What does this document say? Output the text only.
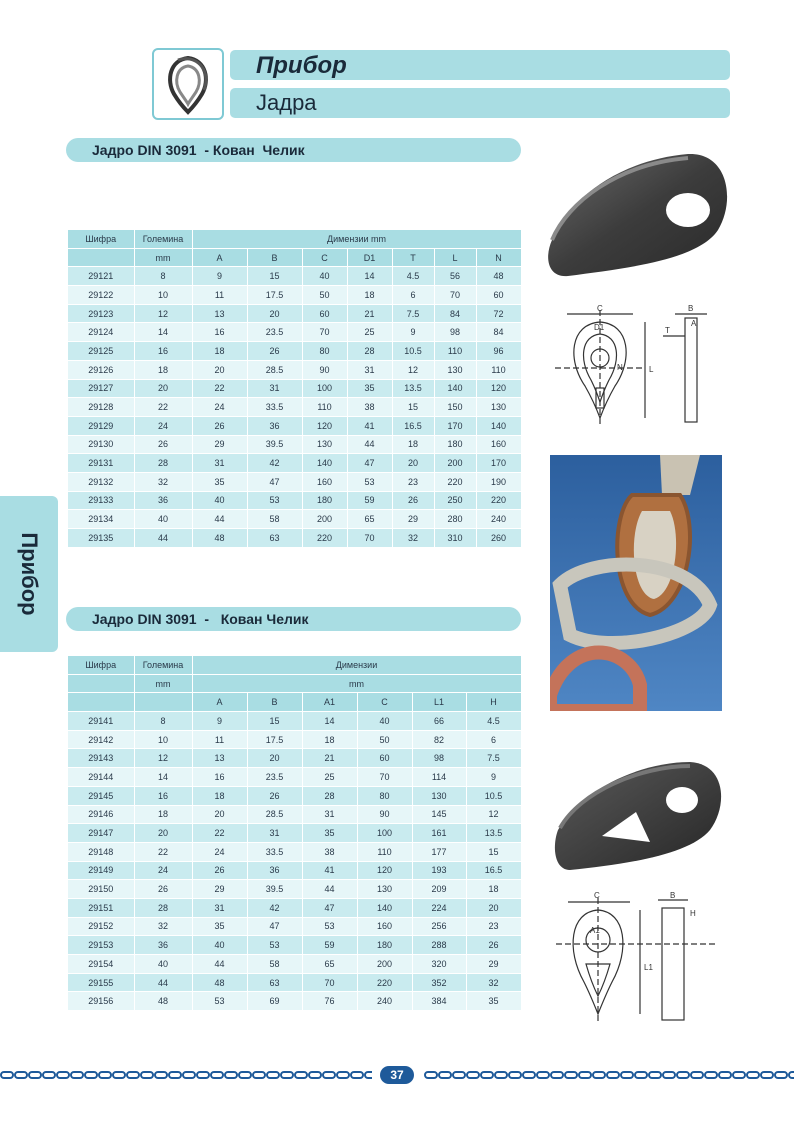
Прибор
Јадра
Прибор
Јадро DIN 3091  - Кован  Челик
Шифра	Големина	Димензии mm						
	mm	A	B	C	D1	T	L	N
29121	8	9	15	40	14	4.5	56	48
29122	10	11	17.5	50	18	6	70	60
29123	12	13	20	60	21	7.5	84	72
29124	14	16	23.5	70	25	9	98	84
29125	16	18	26	80	28	10.5	110	96
29126	18	20	28.5	90	31	12	130	110
29127	20	22	31	100	35	13.5	140	120
29128	22	24	33.5	110	38	15	150	130
29129	24	26	36	120	41	16.5	170	140
29130	26	29	39.5	130	44	18	180	160
29131	28	31	42	140	47	20	200	170
29132	32	35	47	160	53	23	220	190
29133	36	40	53	180	59	26	250	220
29134	40	44	58	200	65	29	280	240
29135	44	48	63	220	70	32	310	260
Јадро DIN 3091  -   Кован Челик
Шифра	Големина	Димензии					
	mm	mm					
		A	B	A1	C	L1	H
29141	8	9	15	14	40	66	4.5
29142	10	11	17.5	18	50	82	6
29143	12	13	20	21	60	98	7.5
29144	14	16	23.5	25	70	114	9
29145	16	18	26	28	80	130	10.5
29146	18	20	28.5	31	90	145	12
29147	20	22	31	35	100	161	13.5
29148	22	24	33.5	38	110	177	15
29149	24	26	36	41	120	193	16.5
29150	26	29	39.5	44	130	209	18
29151	28	31	42	47	140	224	20
29152	32	35	47	53	160	256	23
29153	36	40	53	59	180	288	26
29154	40	44	58	65	200	320	29
29155	44	48	63	70	220	352	32
29156	48	53	69	76	240	384	35
C
D1
B
A
T
N	L
C
A1
B
H
L1
37
